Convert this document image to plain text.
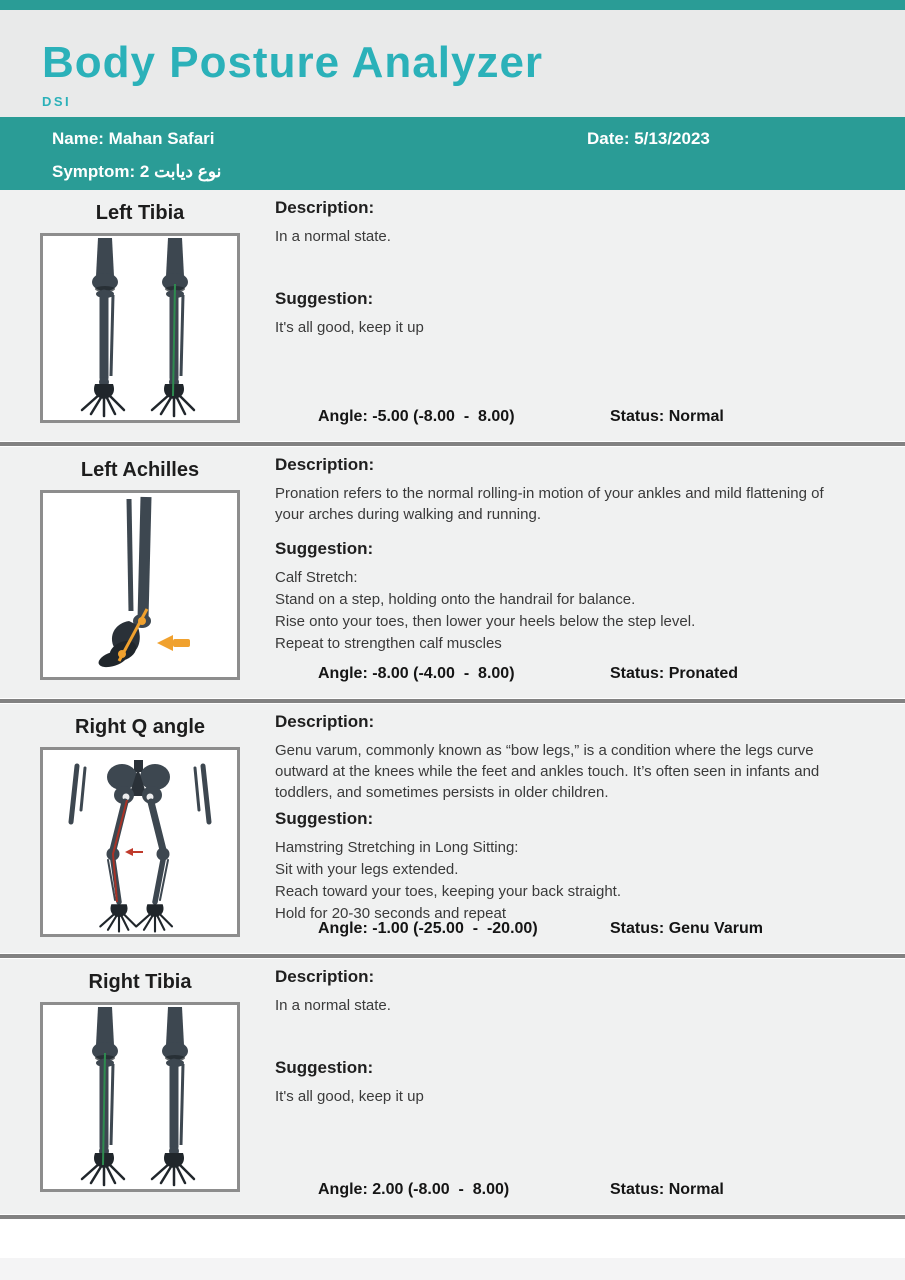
Body Posture Analyzer
DSI
Name: Mahan Safari	Date: 5/13/2023
Symptom: 2 ديابت نوع
Left Tibia	Description:
In a normal state.
Suggestion:
It's all good, keep it up
Angle: -5.00 (-8.00  -  8.00)	Status: Normal
Left Achilles	Description:
Pronation refers to the normal rolling-in motion of your ankles and mild flattening of
your arches during walking and running.
Suggestion:
Calf Stretch:
Stand on a step, holding onto the handrail for balance.
Rise onto your toes, then lower your heels below the step level.
Repeat to strengthen calf muscles
Angle: -8.00 (-4.00  -  8.00)	Status: Pronated
Right Q angle	Description:
Genu varum, commonly known as “bow legs,” is a condition where the legs curve
outward at the knees while the feet and ankles touch. It’s often seen in infants and
toddlers, and sometimes persists in older children.
Suggestion:
Hamstring Stretching in Long Sitting:
Sit with your legs extended.
Reach toward your toes, keeping your back straight.
Hold for 20-30 seconds and repeat
Angle: -1.00 (-25.00  -  -20.00)	Status: Genu Varum
Right Tibia	Description:
In a normal state.
Suggestion:
It's all good, keep it up
Angle: 2.00 (-8.00  -  8.00)	Status: Normal
